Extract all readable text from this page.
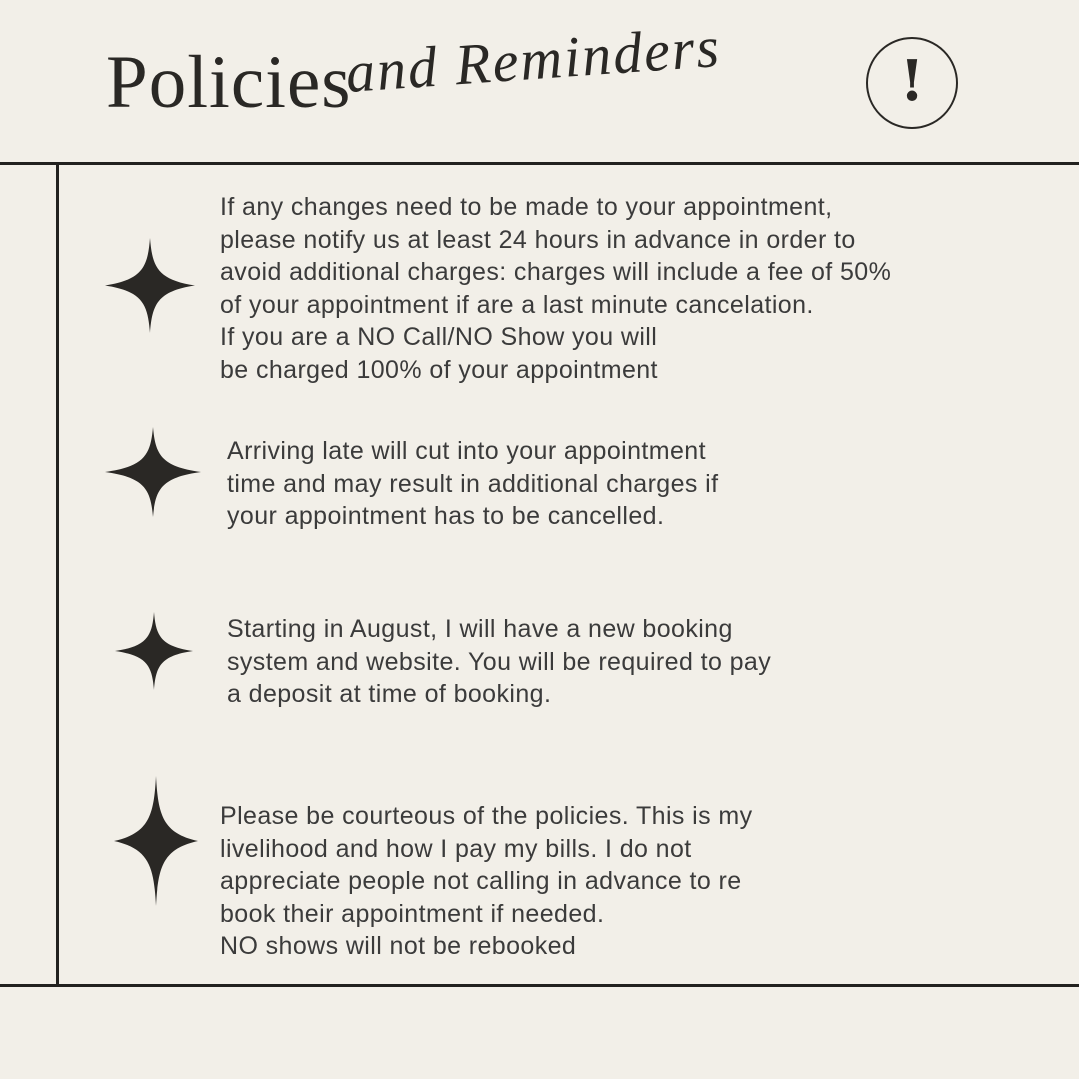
Policies
and Reminders	!
If any changes need to be made to your appointment,
please notify us at least 24 hours in advance in order to
avoid additional charges: charges will include a fee of 50%
of your appointment if are a last minute cancelation.
If you are a NO Call/NO Show you will
be charged 100% of your appointment
Arriving late will cut into your appointment
time and may result in additional charges if
your appointment has to be cancelled.
Starting in August, I will have a new booking
system and website. You will be required to pay
a deposit at time of booking.
Please be courteous of the policies. This is my
livelihood and how I pay my bills. I do not
appreciate people not calling in advance to re
book their appointment if needed.
NO shows will not be rebooked
